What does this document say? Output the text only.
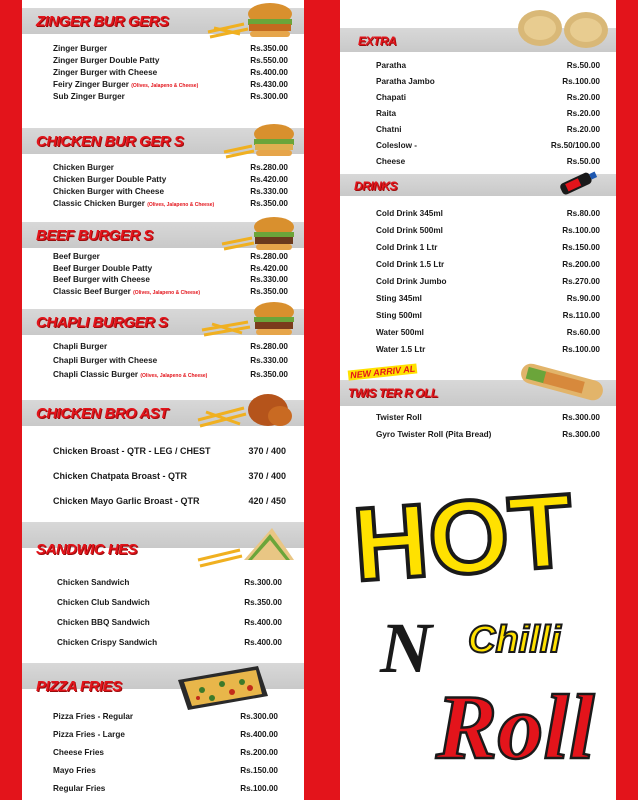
ZINGER BUR GERS
CHICKEN BUR GER S
BEEF BURGER S
CHAPLI BURGER S
CHICKEN BRO AST
SANDWIC HES
PIZZA FRIES
Zinger Burger	Rs.350.00
Zinger Burger Double Patty	Rs.550.00
Zinger Burger with Cheese	Rs.400.00
Feiry Zinger Burger (Olives, Jalapeno & Cheese)	Rs.430.00
Sub Zinger Burger	Rs.300.00
Chicken Burger	Rs.280.00
Chicken Burger Double Patty	Rs.420.00
Chicken Burger with Cheese	Rs.330.00
Classic Chicken Burger (Olives, Jalapeno & Cheese)	Rs.350.00
Beef Burger	Rs.280.00
Beef Burger Double Patty	Rs.420.00
Beef Burger with Cheese	Rs.330.00
Classic Beef Burger (Olives, Jalapeno & Cheese)	Rs.350.00
Chapli Burger	Rs.280.00
Chapli Burger with Cheese	Rs.330.00
Chapli Classic Burger (Olives, Jalapeno & Cheese)	Rs.350.00
Chicken Broast - QTR - LEG / CHEST	370 / 400
Chicken Chatpata Broast - QTR	370 / 400
Chicken Mayo Garlic Broast - QTR	420 / 450
Chicken Sandwich	Rs.300.00
Chicken Club Sandwich	Rs.350.00
Chicken BBQ Sandwich	Rs.400.00
Chicken Crispy Sandwich	Rs.400.00
Pizza Fries - Regular	Rs.300.00
Pizza Fries - Large	Rs.400.00
Cheese Fries	Rs.200.00
Mayo Fries	Rs.150.00
Regular Fries	Rs.100.00
EXTRA
DRINKS
NEW ARRIV AL
TWIS TER R OLL
HOT
N Chilli
Roll
Paratha	Rs.50.00
Paratha Jambo	Rs.100.00
Chapati	Rs.20.00
Raita	Rs.20.00
Chatni	Rs.20.00
Coleslow -	Rs.50/100.00
Cheese	Rs.50.00
Cold Drink 345ml	Rs.80.00
Cold Drink 500ml	Rs.100.00
Cold Drink 1 Ltr	Rs.150.00
Cold Drink 1.5 Ltr	Rs.200.00
Cold Drink Jumbo	Rs.270.00
Sting 345ml	Rs.90.00
Sting 500ml	Rs.110.00
Water 500ml	Rs.60.00
Water 1.5 Ltr	Rs.100.00
Twister Roll	Rs.300.00
Gyro Twister Roll (Pita Bread)	Rs.300.00
